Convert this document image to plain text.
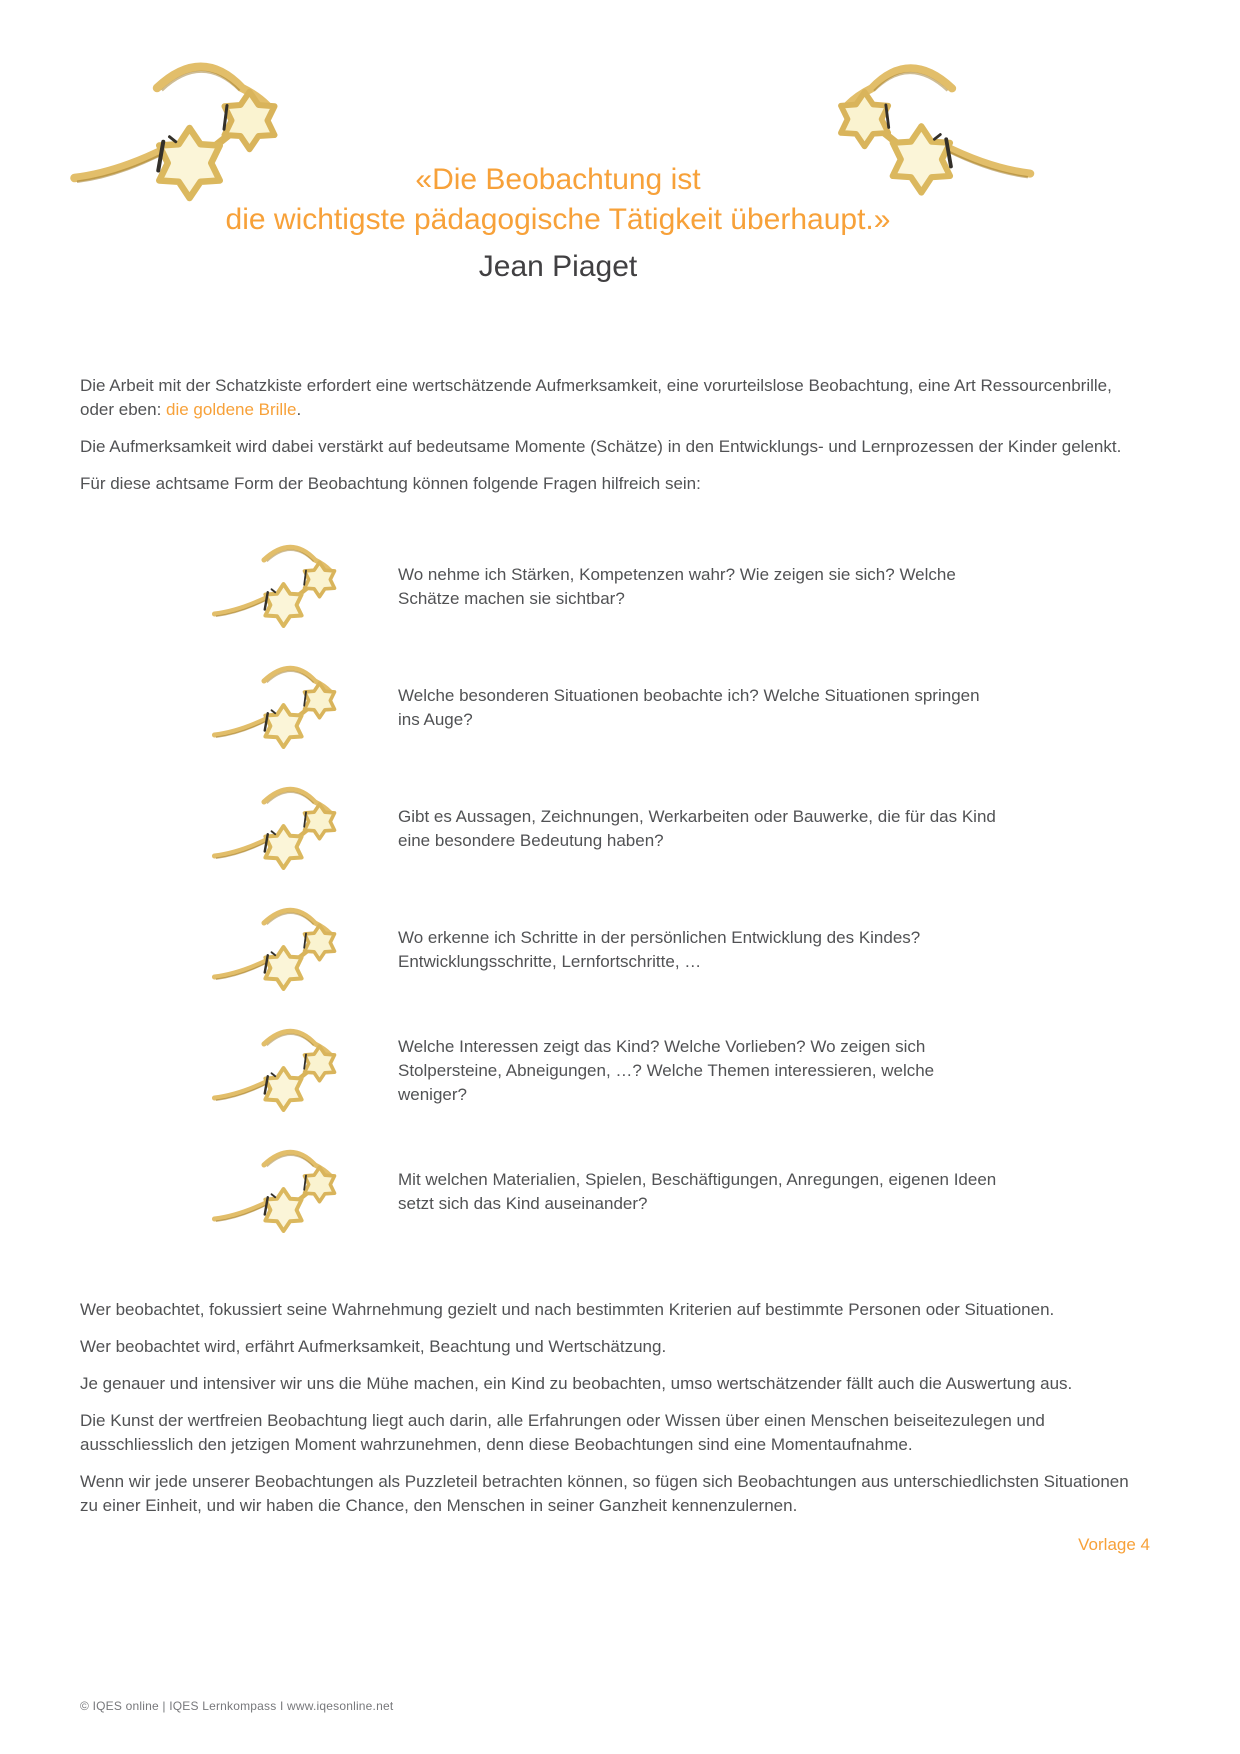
«Die Beobachtung ist
die wichtigste pädagogische Tätigkeit überhaupt.»
Jean Piaget

Die Arbeit mit der Schatzkiste erfordert eine wertschätzende Aufmerksamkeit, eine vorurteilslose Beobachtung, eine Art Ressourcenbrille, oder eben: die goldene Brille.

Die Aufmerksamkeit wird dabei verstärkt auf bedeutsame Momente (Schätze) in den Entwicklungs- und Lernprozessen der Kinder gelenkt.

Für diese achtsame Form der Beobachtung können folgende Fragen hilfreich sein:

Wo nehme ich Stärken, Kompetenzen wahr? Wie zeigen sie sich? Welche Schätze machen sie sichtbar?
Welche besonderen Situationen beobachte ich? Welche Situationen springen ins Auge?
Gibt es Aussagen, Zeichnungen, Werkarbeiten oder Bauwerke, die für das Kind eine besondere Bedeutung haben?
Wo erkenne ich Schritte in der persönlichen Entwicklung des Kindes? Entwicklungsschritte, Lernfortschritte, …
Welche Interessen zeigt das Kind? Welche Vorlieben? Wo zeigen sich Stolpersteine, Abneigungen, …? Welche Themen interessieren, welche weniger?
Mit welchen Materialien, Spielen, Beschäftigungen, Anregungen, eigenen Ideen setzt sich das Kind auseinander?

Wer beobachtet, fokussiert seine Wahrnehmung gezielt und nach bestimmten Kriterien auf bestimmte Personen oder Situationen.

Wer beobachtet wird, erfährt Aufmerksamkeit, Beachtung und Wertschätzung.

Je genauer und intensiver wir uns die Mühe machen, ein Kind zu beobachten, umso wertschätzender fällt auch die Auswertung aus.

Die Kunst der wertfreien Beobachtung liegt auch darin, alle Erfahrungen oder Wissen über einen Menschen beiseitezulegen und ausschliesslich den jetzigen Moment wahrzunehmen, denn diese Beobachtungen sind eine Momentaufnahme.

Wenn wir jede unserer Beobachtungen als Puzzleteil betrachten können, so fügen sich Beobachtungen aus unterschiedlichsten Situationen zu einer Einheit, und wir haben die Chance, den Menschen in seiner Ganzheit kennenzulernen.

Vorlage 4
© IQES online | IQES Lernkompass I www.iqesonline.net
